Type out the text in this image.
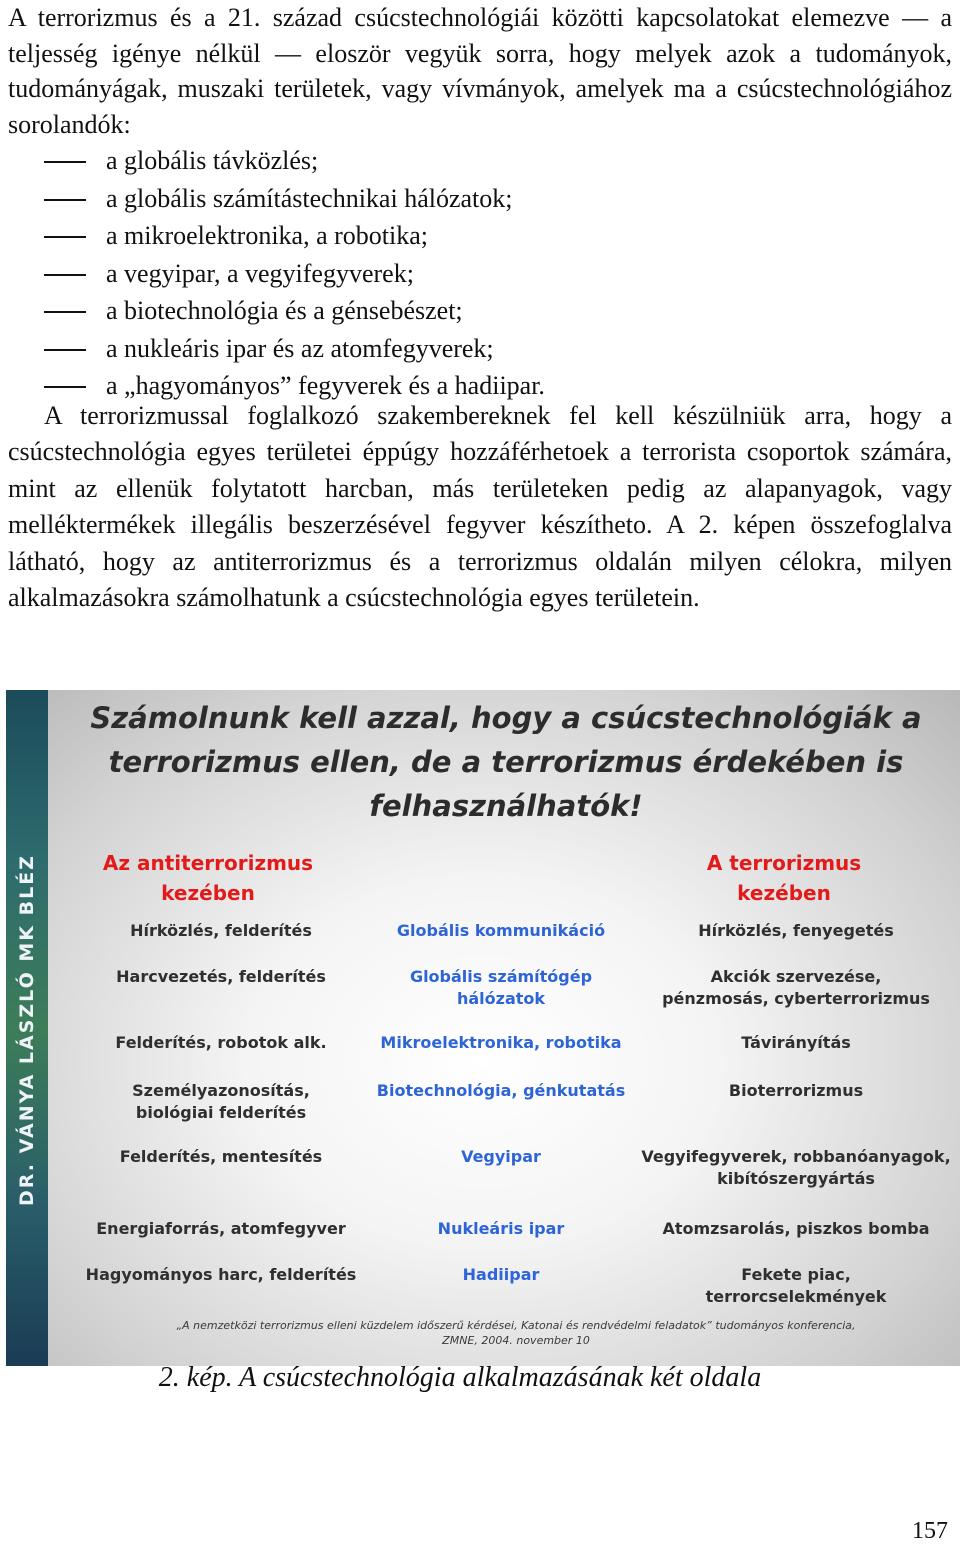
A terrorizmus és a 21. század csúcstechnológiái közötti kapcsolatokat elemezve — a teljesség igénye nélkül — eloször vegyük sorra, hogy melyek azok a tudományok, tudományágak, muszaki területek, vagy vívmányok, amelyek ma a csúcstechnológiához sorolandók:

a globális távközlés;
a globális számítástechnikai hálózatok;
a mikroelektronika, a robotika;
a vegyipar, a vegyifegyverek;
a biotechnológia és a génsebészet;
a nukleáris ipar és az atomfegyverek;
a „hagyományos” fegyverek és a hadiipar.

A terrorizmussal foglalkozó szakembereknek fel kell készülniük arra, hogy a csúcstechnológia egyes területei éppúgy hozzáférhetoek a terrorista csoportok számára, mint az ellenük folytatott harcban, más területeken pedig az alapanyagok, vagy melléktermékek illegális beszerzésével fegyver készítheto. A 2. képen összefoglalva látható, hogy az antiterrorizmus és a terrorizmus oldalán milyen célokra, milyen alkalmazásokra számolhatunk a csúcstechnológia egyes területein.

DR. VÁNYA LÁSZLÓ MK BLÉZ
Számolnunk kell azzal, hogy a csúcstechnológiák a
terrorizmus ellen, de a terrorizmus érdekében is
felhasználhatók!
Az antiterrorizmus
kezében
A terrorizmus
kezében
Hírközlés, felderítés	Globális kommunikáció	Hírközlés, fenyegetés
Harcvezetés, felderítés	Globális számítógép hálózatok
Akciók szervezése,
pénzmosás, cyberterrorizmus
Felderítés, robotok alk.	Mikroelektronika, robotika	Távirányítás
Személyazonosítás,
biológiai felderítés
Biotechnológia, génkutatás	Bioterrorizmus
Felderítés, mentesítés	Vegyipar	Vegyifegyverek, robbanóanyagok,
kibítószergyártás
Energiaforrás, atomfegyver	Nukleáris ipar	Atomzsarolás, piszkos bomba
Hagyományos harc, felderítés	Hadiipar	Fekete piac,
terrorcselekmények
„A nemzetközi terrorizmus elleni küzdelem időszerű kérdései, Katonai és rendvédelmi feladatok” tudományos konferencia,
ZMNE, 2004. november 10
2. kép. A csúcstechnológia alkalmazásának két oldala
157
